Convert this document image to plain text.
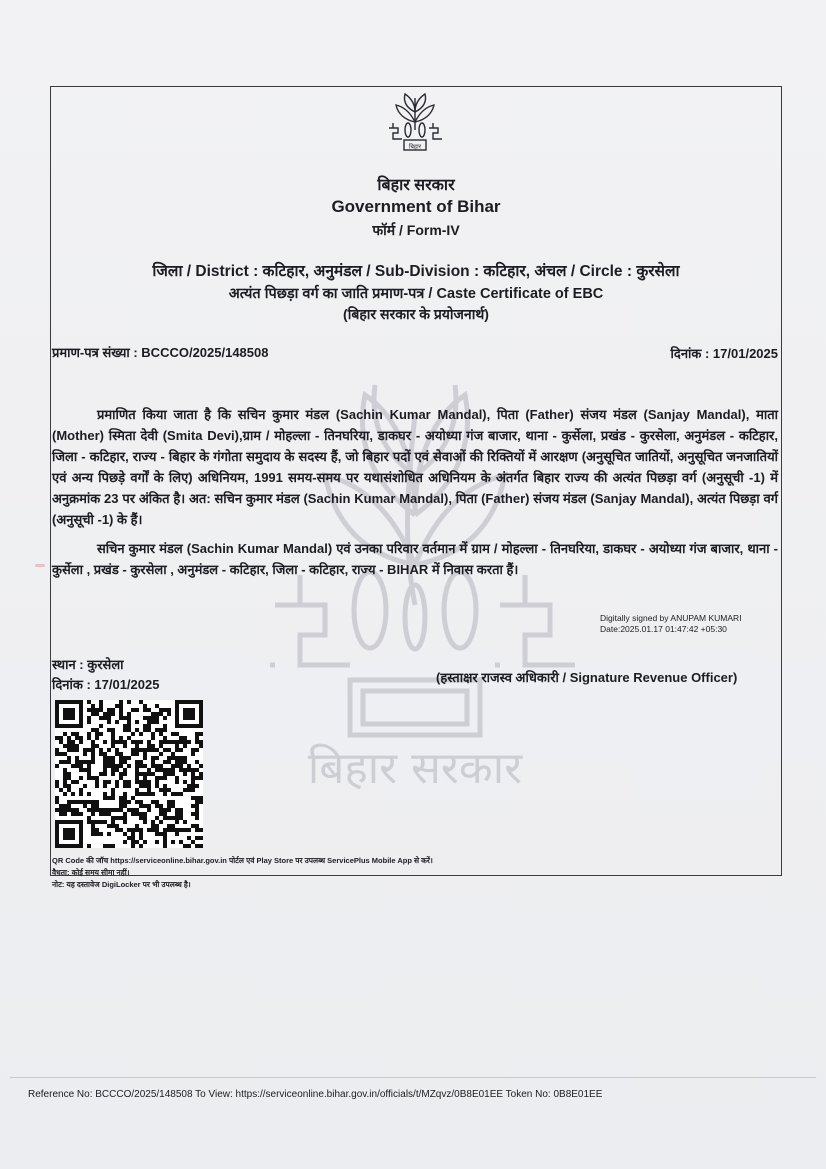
बिहार सरकार
बिहार
बिहार सरकार
Government of Bihar
फॉर्म / Form-IV
जिला / District : कटिहार, अनुमंडल / Sub-Division : कटिहार, अंचल / Circle : कुरसेला
अत्यंत पिछड़ा वर्ग का जाति प्रमाण-पत्र / Caste Certificate of EBC
(बिहार सरकार के प्रयोजनार्थ)
प्रमाण-पत्र संख्या : BCCCO/2025/148508	दिनांक : 17/01/2025
प्रमाणित किया जाता है कि सचिन कुमार मंडल (Sachin Kumar Mandal), पिता (Father) संजय मंडल (Sanjay Mandal), माता (Mother) स्मिता देवी (Smita Devi),ग्राम / मोहल्ला - तिनघरिया, डाकघर - अयोध्या गंज बाजार, थाना - कुर्सेला, प्रखंड - कुरसेला, अनुमंडल - कटिहार, जिला - कटिहार, राज्य - बिहार के गंगोता समुदाय के सदस्य हैं, जो बिहार पदों एवं सेवाओं की रिक्तियों में आरक्षण (अनुसूचित जातियों, अनुसूचित जनजातियों एवं अन्य पिछड़े वर्गों के लिए) अधिनियम, 1991 समय-समय पर यथासंशोधित अधिनियम के अंतर्गत बिहार राज्य की अत्यंत पिछड़ा वर्ग (अनुसूची -1) में अनुक्रमांक 23 पर अंकित है। अत: सचिन कुमार मंडल (Sachin Kumar Mandal), पिता (Father) संजय मंडल (Sanjay Mandal), अत्यंत पिछड़ा वर्ग (अनुसूची -1) के हैं।
सचिन कुमार मंडल (Sachin Kumar Mandal) एवं उनका परिवार वर्तमान में ग्राम / मोहल्ला - तिनघरिया, डाकघर - अयोध्या गंज बाजार, थाना - कुर्सेला , प्रखंड - कुरसेला , अनुमंडल - कटिहार, जिला - कटिहार, राज्य - BIHAR में निवास करता हैं।
Digitally signed by ANUPAM KUMARI
Date:2025.01.17 01:47:42 +05:30
स्थान : कुरसेला
दिनांक : 17/01/2025	(हस्ताक्षर राजस्व अधिकारी / Signature Revenue Officer)
QR Code की जॉच https://serviceonline.bihar.gov.in पोर्टल एवं Play Store पर उपलब्ध ServicePlus Mobile App से करें।
वैधता: कोई समय सीमा नहीं।
नोट: यह दस्तावेज DigiLocker पर भी उपलब्ध है।
Reference No: BCCCO/2025/148508 To View: https://serviceonline.bihar.gov.in/officials/t/MZqvz/0B8E01EE Token No: 0B8E01EE
